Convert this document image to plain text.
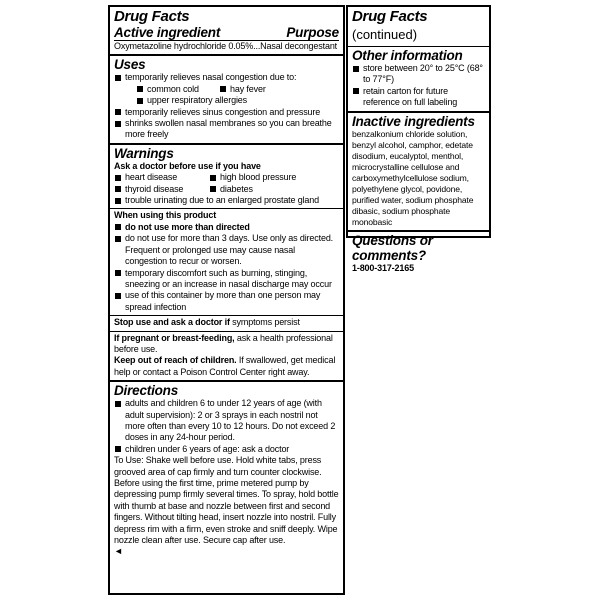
Drug Facts
Active ingredient	Purpose
Oxymetazoline hydrochloride 0.05%...Nasal decongestant
Uses
temporarily relieves nasal congestion due to:
common cold	hay fever
upper respiratory allergies
temporarily relieves sinus congestion and pressure
shrinks swollen nasal membranes so you can breathe more freely
Warnings
Ask a doctor before use if you have
heart disease	high blood pressure
thyroid disease	diabetes
trouble urinating due to an enlarged prostate gland
When using this product
do not use more than directed
do not use for more than 3 days. Use only as directed. Frequent or prolonged use may cause nasal congestion to recur or worsen.
temporary discomfort such as burning, stinging, sneezing or an increase in nasal discharge may occur
use of this container by more than one person may spread infection
Stop use and ask a doctor if symptoms persist
If pregnant or breast-feeding, ask a health professional before use.
Keep out of reach of children. If swallowed, get medical help or contact a Poison Control Center right away.
Directions
adults and children 6 to under 12 years of age (with adult supervision): 2 or 3 sprays in each nostril not more often than every 10 to 12 hours. Do not exceed 2 doses in any 24-hour period.
children under 6 years of age: ask a doctor
To Use: Shake well before use. Hold white tabs, press grooved area of cap firmly and turn counter clockwise. Before using the first time, prime metered pump by depressing pump firmly several times. To spray, hold bottle with thumb at base and nozzle between first and second fingers. Without tilting head, insert nozzle into nostril. Fully depress rim with a firm, even stroke and sniff deeply. Wipe nozzle clean after use. Secure cap after use.
◄
Drug Facts (continued)
Other information
store between 20° to 25°C (68° to 77°F)
retain carton for future reference on full labeling
Inactive ingredients
benzalkonium chloride solution, benzyl alcohol, camphor, edetate disodium, eucalyptol, menthol, microcrystalline cellulose and carboxymethylcellulose sodium, polyethylene glycol, povidone, purified water, sodium phosphate dibasic, sodium phosphate monobasic
Questions or comments?
1-800-317-2165
